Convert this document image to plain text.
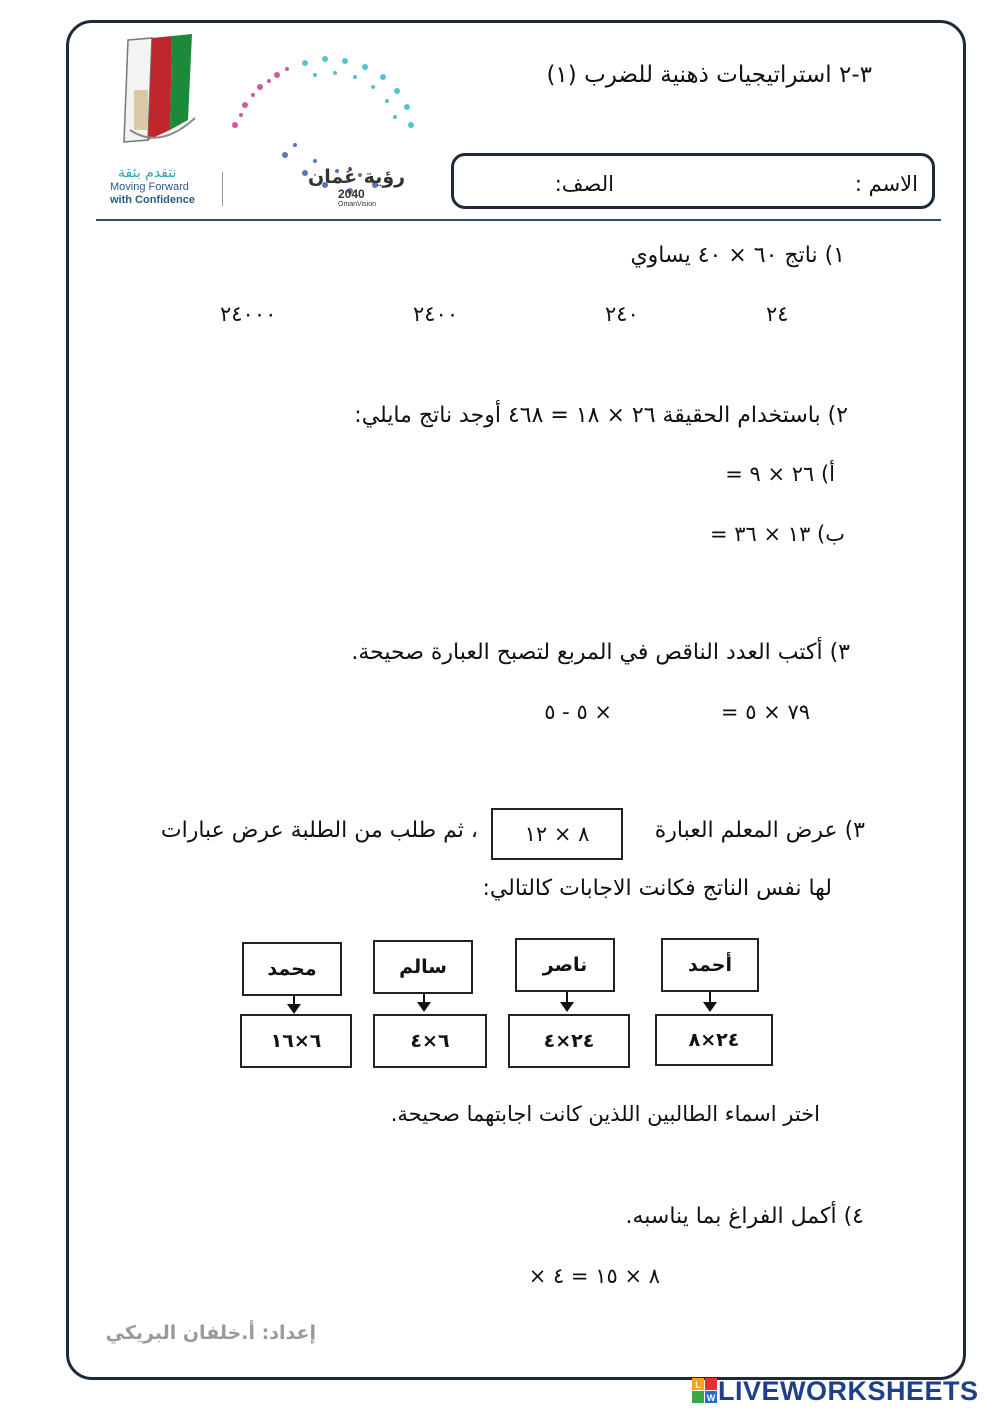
نتقدم بثقة
Moving Forward
with Confidence
رؤية عُمان
2040
OmanVision
٣-٢ استراتيجيات ذهنية للضرب (١)
الاسم :
الصف:
١) ناتج ٦٠ × ٤٠ يساوي
٢٤
٢٤٠
٢٤٠٠
٢٤٠٠٠
٢) باستخدام الحقيقة ٢٦ × ١٨ = ٤٦٨ أوجد ناتج مايلي:
أ) ٢٦ × ٩ =
ب) ١٣ × ٣٦ =
٣) أكتب العدد الناقص في المربع لتصبح العبارة صحيحة.
٧٩ × ٥ =
× ٥ - ٥
٣) عرض المعلم العبارة
٨ × ١٢
، ثم طلب من الطلبة عرض عبارات
لها نفس الناتج فكانت الاجابات كالتالي:
أحمد
ناصر
سالم
محمد
٢٤×٨
٢٤×٤
٦×٤
٦×١٦
اختر اسماء الطالبين اللذين كانت اجابتهما صحيحة.
٤) أكمل الفراغ بما يناسبه.
٨ × ١٥ = ٤ ×
إعداد: أ.خلفان البريكي
L
W LIVEWORKSHEETS
